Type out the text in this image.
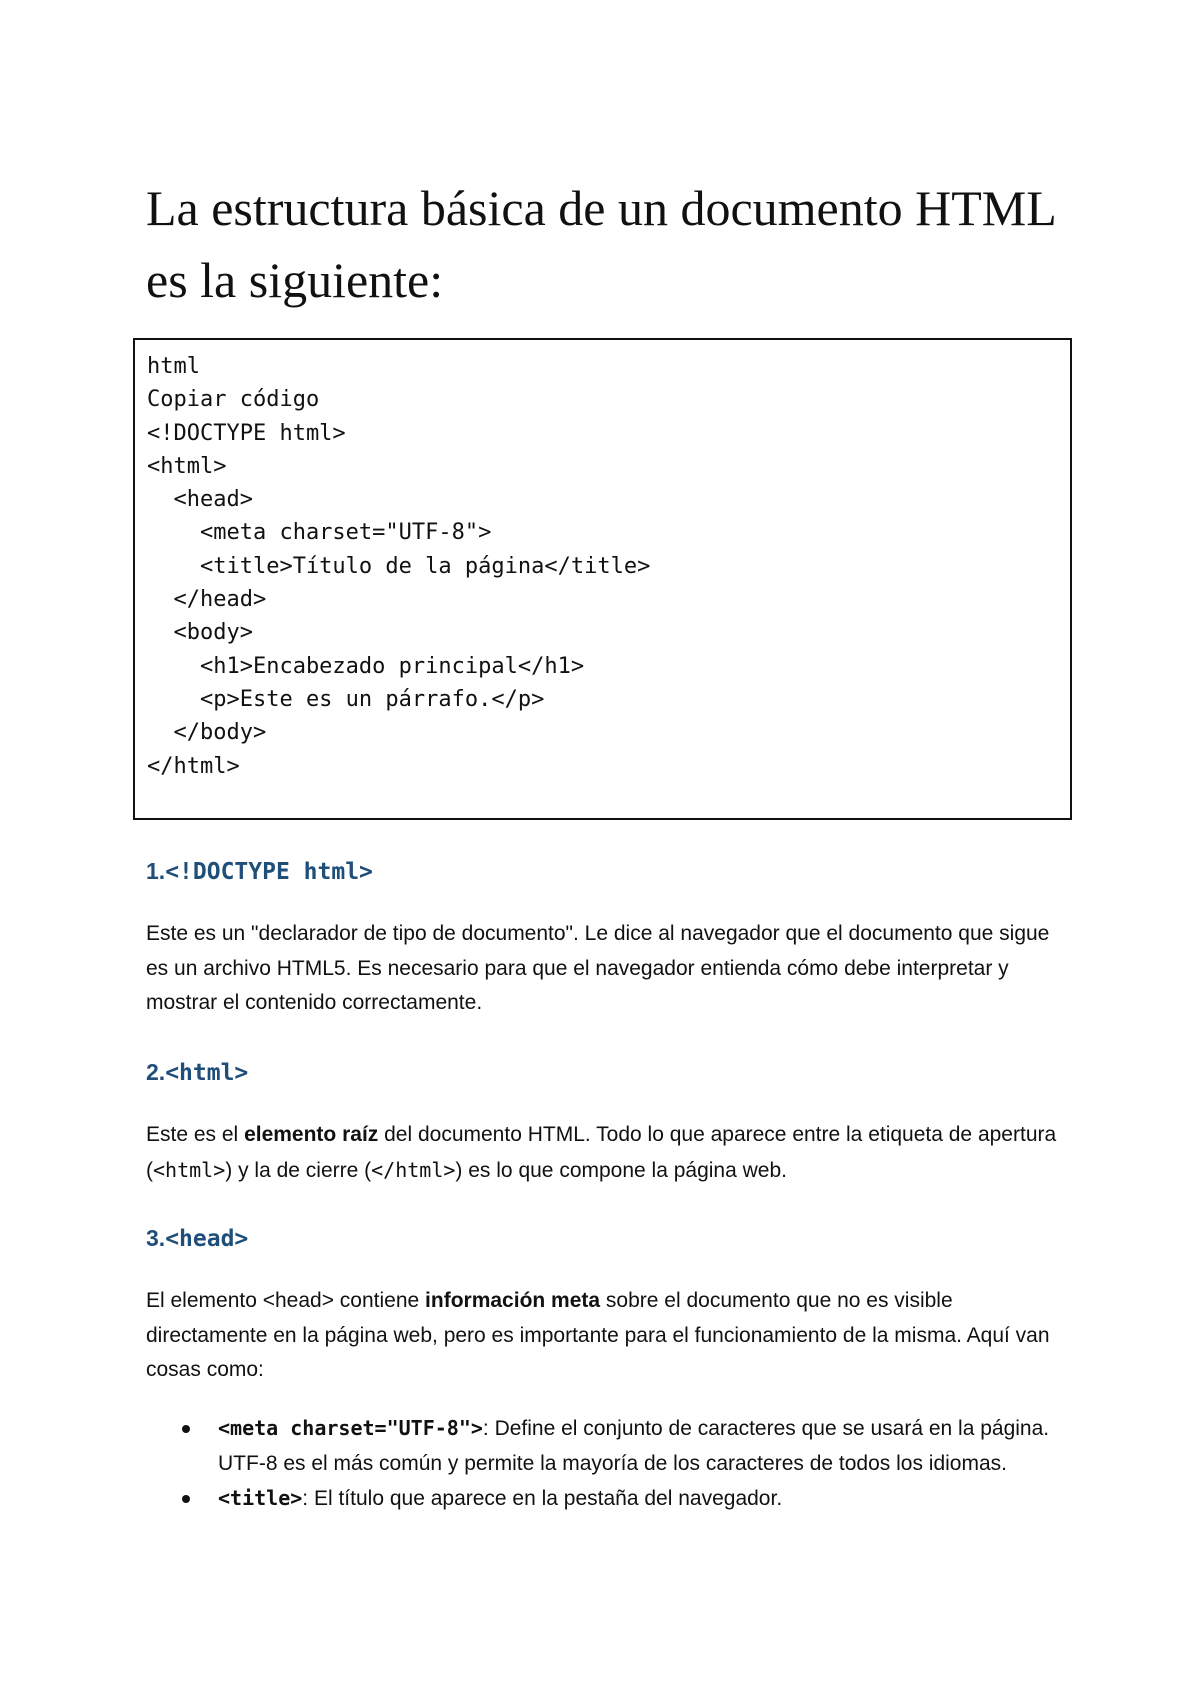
La estructura básica de un documento HTML es la siguiente:
html
Copiar código
<!DOCTYPE html>
<html>
<head>
<meta charset="UTF-8">
<title>Título de la página</title>
</head>
<body>
<h1>Encabezado principal</h1>
<p>Este es un párrafo.</p>
</body>
</html>
1.<!DOCTYPE html>

Este es un "declarador de tipo de documento". Le dice al navegador que el documento que sigue es un archivo HTML5. Es necesario para que el navegador entienda cómo debe interpretar y mostrar el contenido correctamente.

2.<html>

Este es el elemento raíz del documento HTML. Todo lo que aparece entre la etiqueta de apertura (<html>) y la de cierre (</html>) es lo que compone la página web.

3.<head>

El elemento <head> contiene información meta sobre el documento que no es visible directamente en la página web, pero es importante para el funcionamiento de la misma. Aquí van cosas como:

<meta charset="UTF-8">: Define el conjunto de caracteres que se usará en la página. UTF-8 es el más común y permite la mayoría de los caracteres de todos los idiomas.
<title>: El título que aparece en la pestaña del navegador.
